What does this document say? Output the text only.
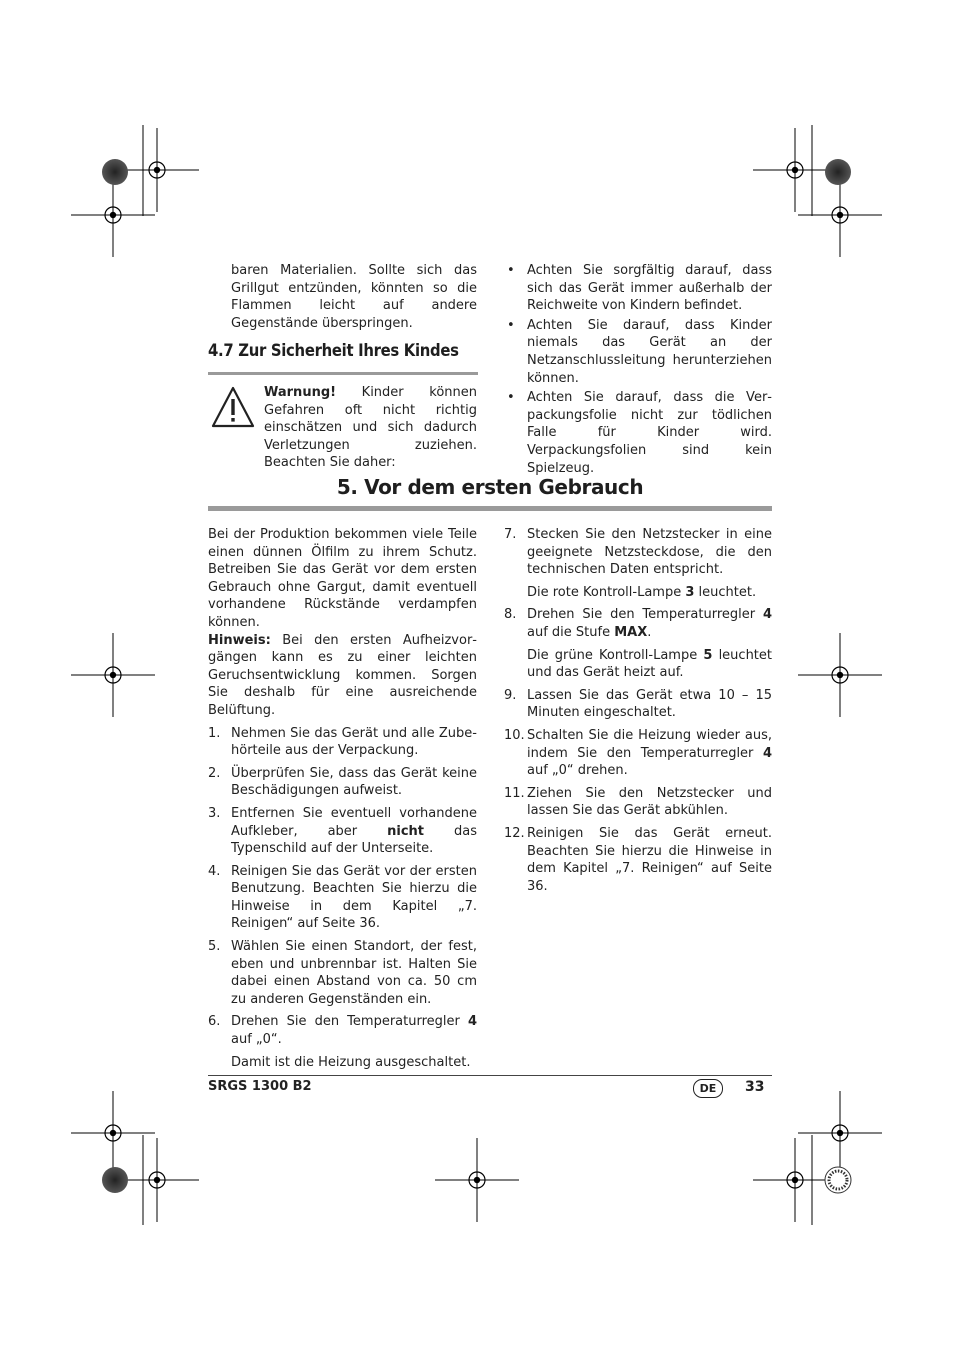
baren Materialien. Sollte sich das Grillgut entzünden, könnten so die Flammen leicht auf andere Gegenstände überspringen.

4.7 Zur Sicherheit Ihres Kindes
Warnung! Kinder können Gefahren oft nicht richtig einschätzen und sich dadurch Verletzungen zuziehen. Beachten Sie daher:
• Achten Sie sorgfältig darauf, dass sich das Gerät immer außerhalb der Reichweite von Kindern befindet.
• Achten Sie darauf, dass Kinder niemals das Gerät an der Netzanschlussleitung herunterziehen können.
• Achten Sie darauf, dass die Verpackungsfolie nicht zur tödlichen Falle für Kinder wird. Verpackungsfolien sind kein Spielzeug.
5. Vor dem ersten Gebrauch

Bei der Produktion bekommen viele Teile einen dünnen Ölfilm zu ihrem Schutz. Betreiben Sie das Gerät vor dem ersten Gebrauch ohne Gargut, damit eventuell vorhandene Rückstände verdampfen können.

Hinweis: Bei den ersten Aufheizvorgängen kann es zu einer leichten Geruchsentwicklung kommen. Sorgen Sie deshalb für eine ausreichende Belüftung.

1. Nehmen Sie das Gerät und alle Zubehörteile aus der Verpackung.
2. Überprüfen Sie, dass das Gerät keine Beschädigungen aufweist.
3. Entfernen Sie eventuell vorhandene Aufkleber, aber nicht das Typenschild auf der Unterseite.
4. Reinigen Sie das Gerät vor der ersten Benutzung. Beachten Sie hierzu die Hinweise in dem Kapitel „7. Reinigen“ auf Seite 36.
5. Wählen Sie einen Standort, der fest, eben und unbrennbar ist. Halten Sie dabei einen Abstand von ca. 50 cm zu anderen Gegenständen ein.
6. Drehen Sie den Temperaturregler 4 auf „0“.

Damit ist die Heizung ausgeschaltet.

7. Stecken Sie den Netzstecker in eine geeignete Netzsteckdose, die den technischen Daten entspricht.

Die rote Kontroll-Lampe 3 leuchtet.

8. Drehen Sie den Temperaturregler 4 auf die Stufe MAX.

Die grüne Kontroll-Lampe 5 leuchtet und das Gerät heizt auf.

9. Lassen Sie das Gerät etwa 10 – 15 Minuten eingeschaltet.
10. Schalten Sie die Heizung wieder aus, indem Sie den Temperaturregler 4 auf „0“ drehen.
11. Ziehen Sie den Netzstecker und lassen Sie das Gerät abkühlen.
12. Reinigen Sie das Gerät erneut. Beachten Sie hierzu die Hinweise in dem Kapitel „7. Reinigen“ auf Seite 36.
SRGS 1300 B2	DE	33
